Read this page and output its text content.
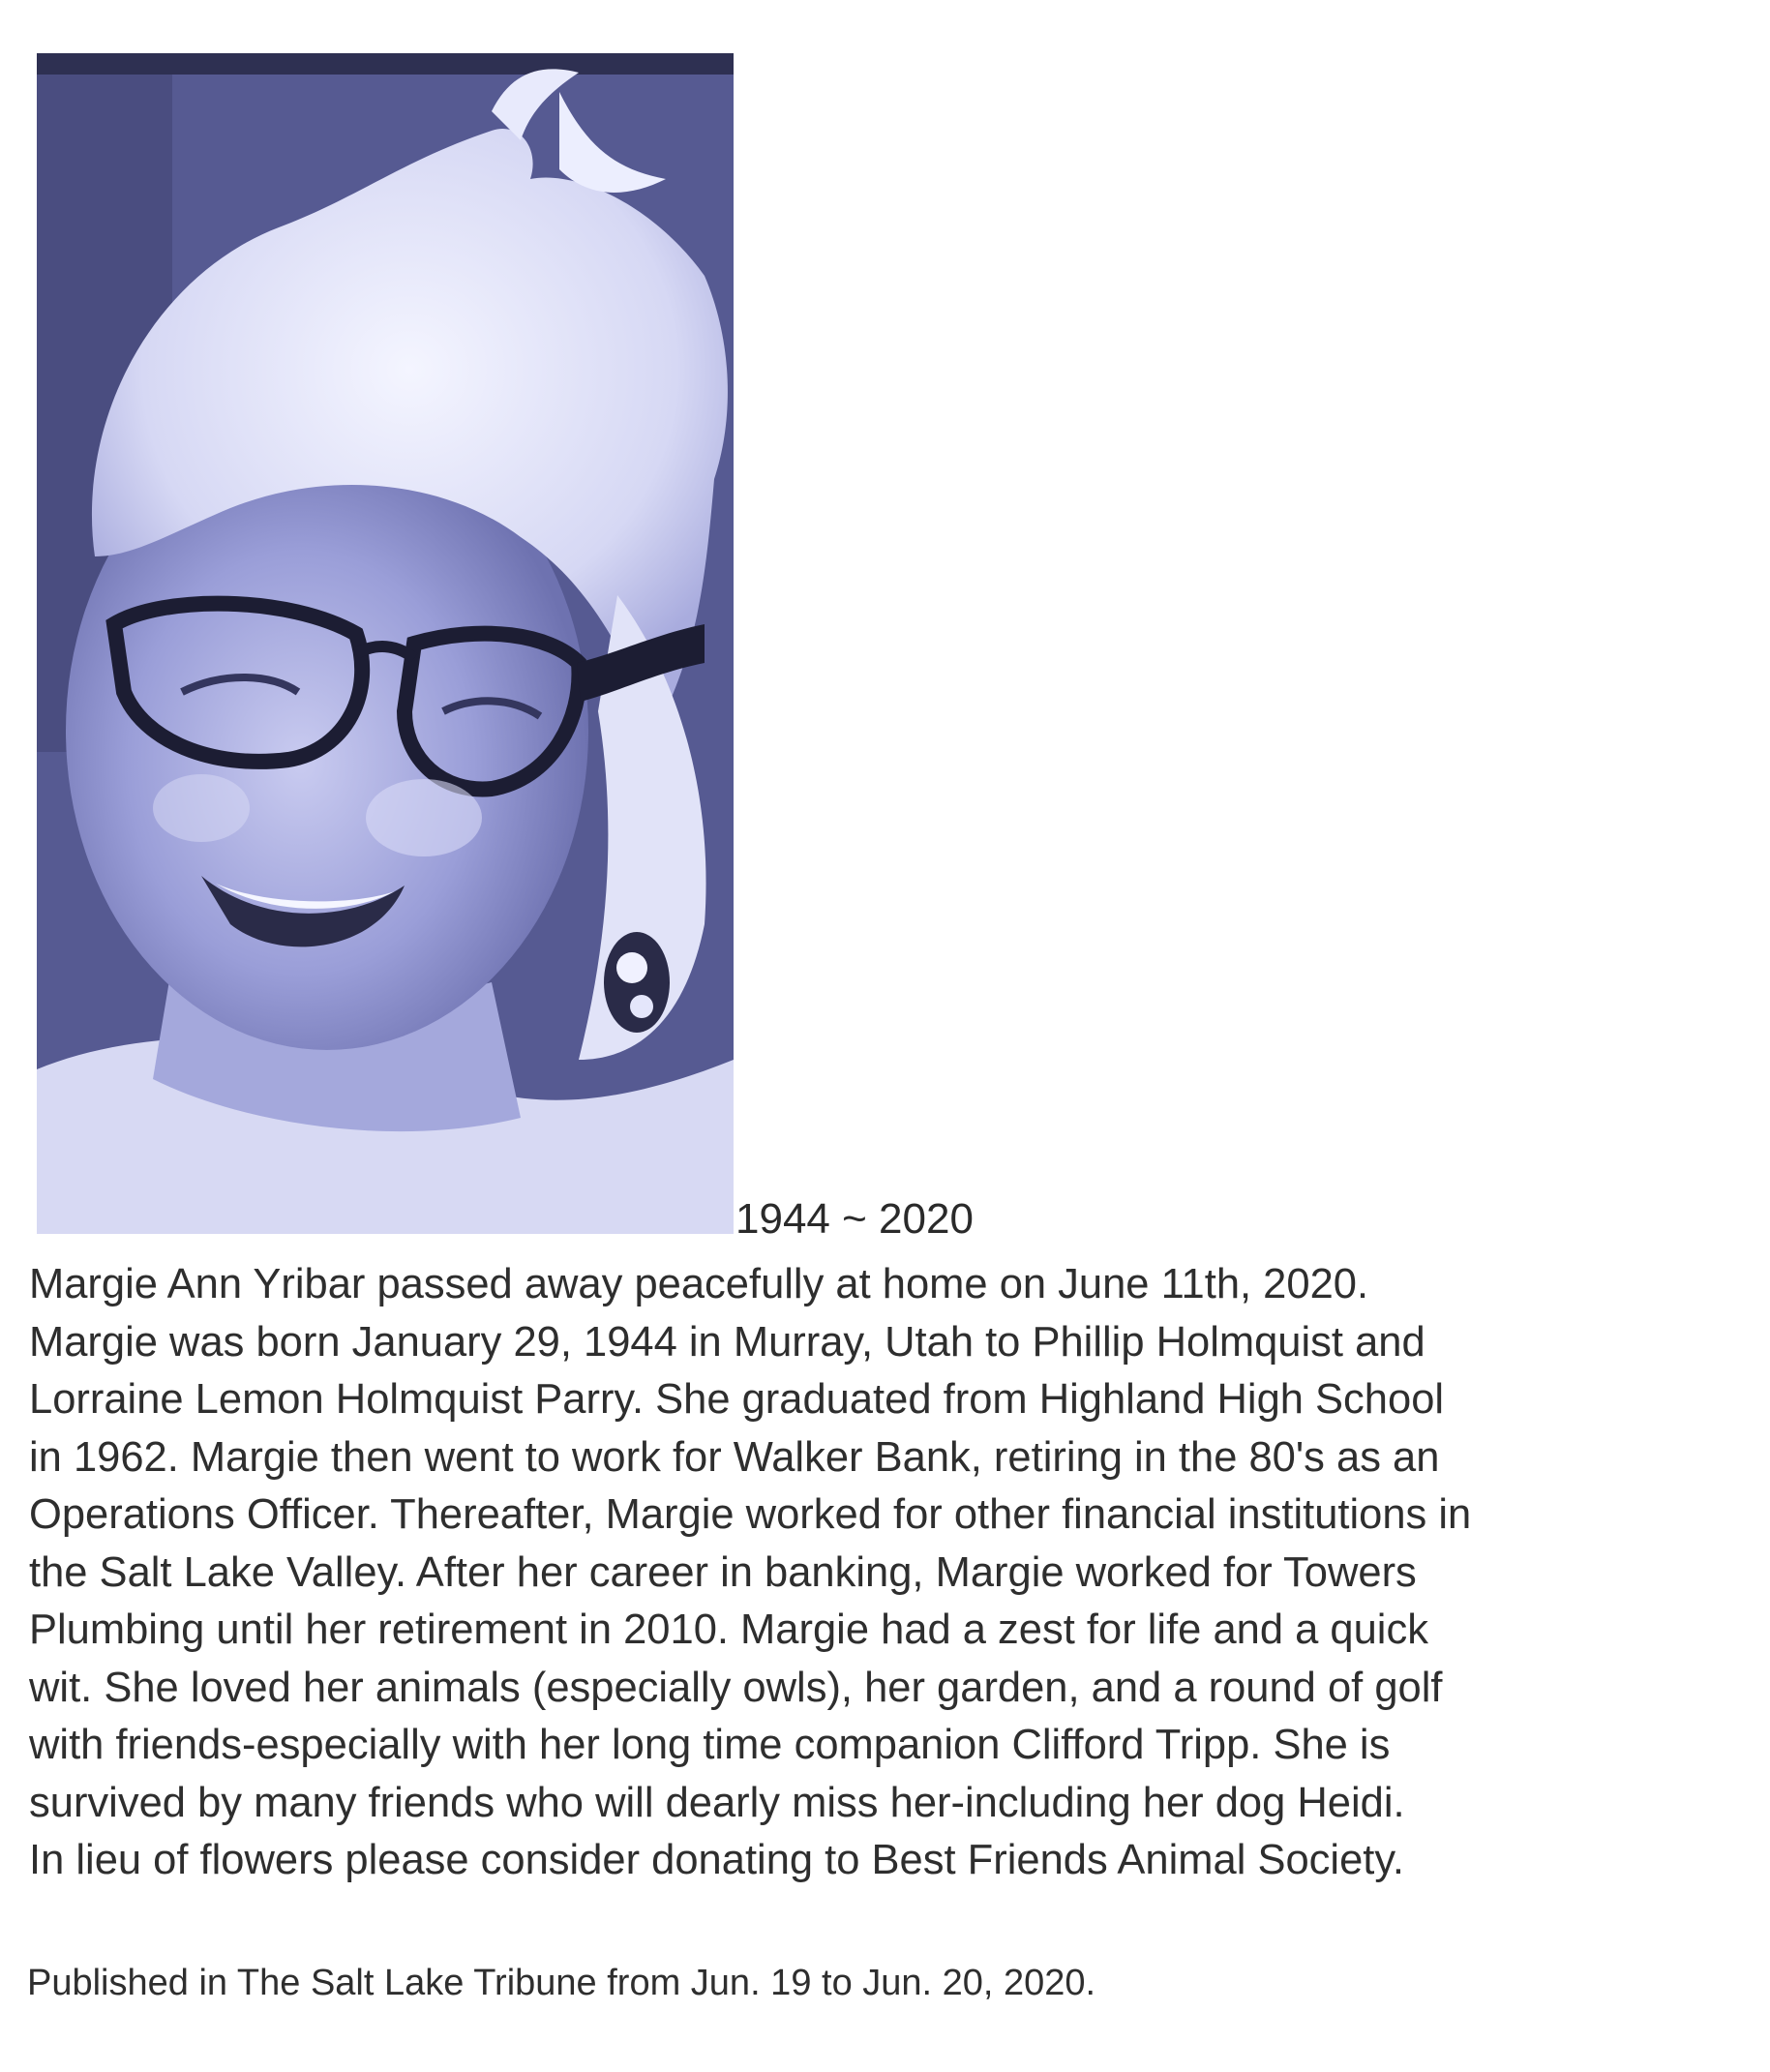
1944 ~ 2020
Margie Ann Yribar passed away peacefully at home on June 11th, 2020.
Margie was born January 29, 1944 in Murray, Utah to Phillip Holmquist and
Lorraine Lemon Holmquist Parry. She graduated from Highland High School
in 1962. Margie then went to work for Walker Bank, retiring in the 80's as an
Operations Officer. Thereafter, Margie worked for other financial institutions in
the Salt Lake Valley. After her career in banking, Margie worked for Towers
Plumbing until her retirement in 2010. Margie had a zest for life and a quick
wit. She loved her animals (especially owls), her garden, and a round of golf
with friends-especially with her long time companion Clifford Tripp. She is
survived by many friends who will dearly miss her-including her dog Heidi.
In lieu of flowers please consider donating to Best Friends Animal Society.
Published in The Salt Lake Tribune from Jun. 19 to Jun. 20, 2020.
